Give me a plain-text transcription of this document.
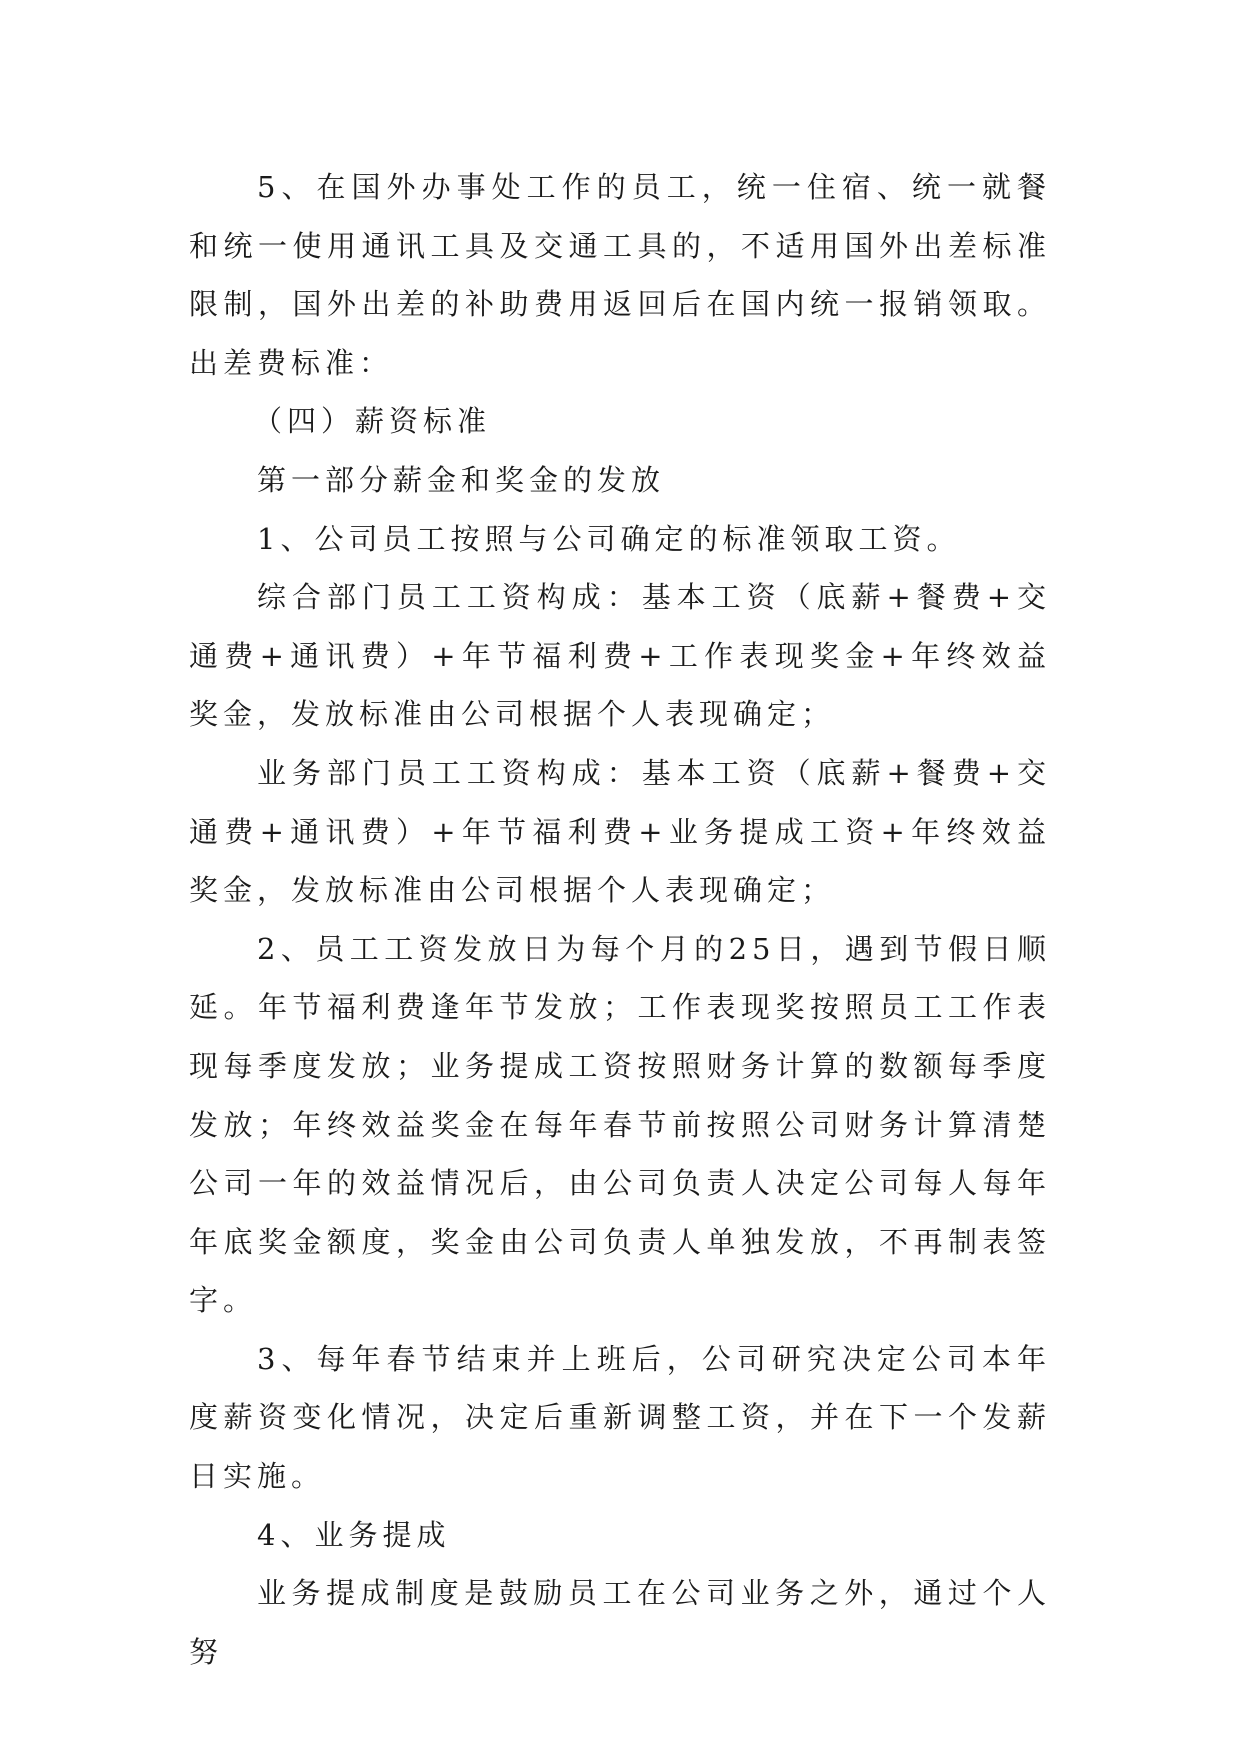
5、在国外办事处工作的员工，统一住宿、统一就餐和统一使用通讯工具及交通工具的，不适用国外出差标准限制，国外出差的补助费用返回后在国内统一报销领取。出差费标准：

（四）薪资标准

第一部分薪金和奖金的发放

1、公司员工按照与公司确定的标准领取工资。

综合部门员工工资构成：基本工资（底薪+餐费+交通费+通讯费）+年节福利费+工作表现奖金+年终效益奖金，发放标准由公司根据个人表现确定；

业务部门员工工资构成：基本工资（底薪+餐费+交通费+通讯费）+年节福利费+业务提成工资+年终效益奖金，发放标准由公司根据个人表现确定；

2、员工工资发放日为每个月的25日，遇到节假日顺延。年节福利费逢年节发放；工作表现奖按照员工工作表现每季度发放；业务提成工资按照财务计算的数额每季度发放；年终效益奖金在每年春节前按照公司财务计算清楚公司一年的效益情况后，由公司负责人决定公司每人每年年底奖金额度，奖金由公司负责人单独发放，不再制表签字。

3、每年春节结束并上班后，公司研究决定公司本年度薪资变化情况，决定后重新调整工资，并在下一个发薪日实施。

4、业务提成

业务提成制度是鼓励员工在公司业务之外，通过个人努
